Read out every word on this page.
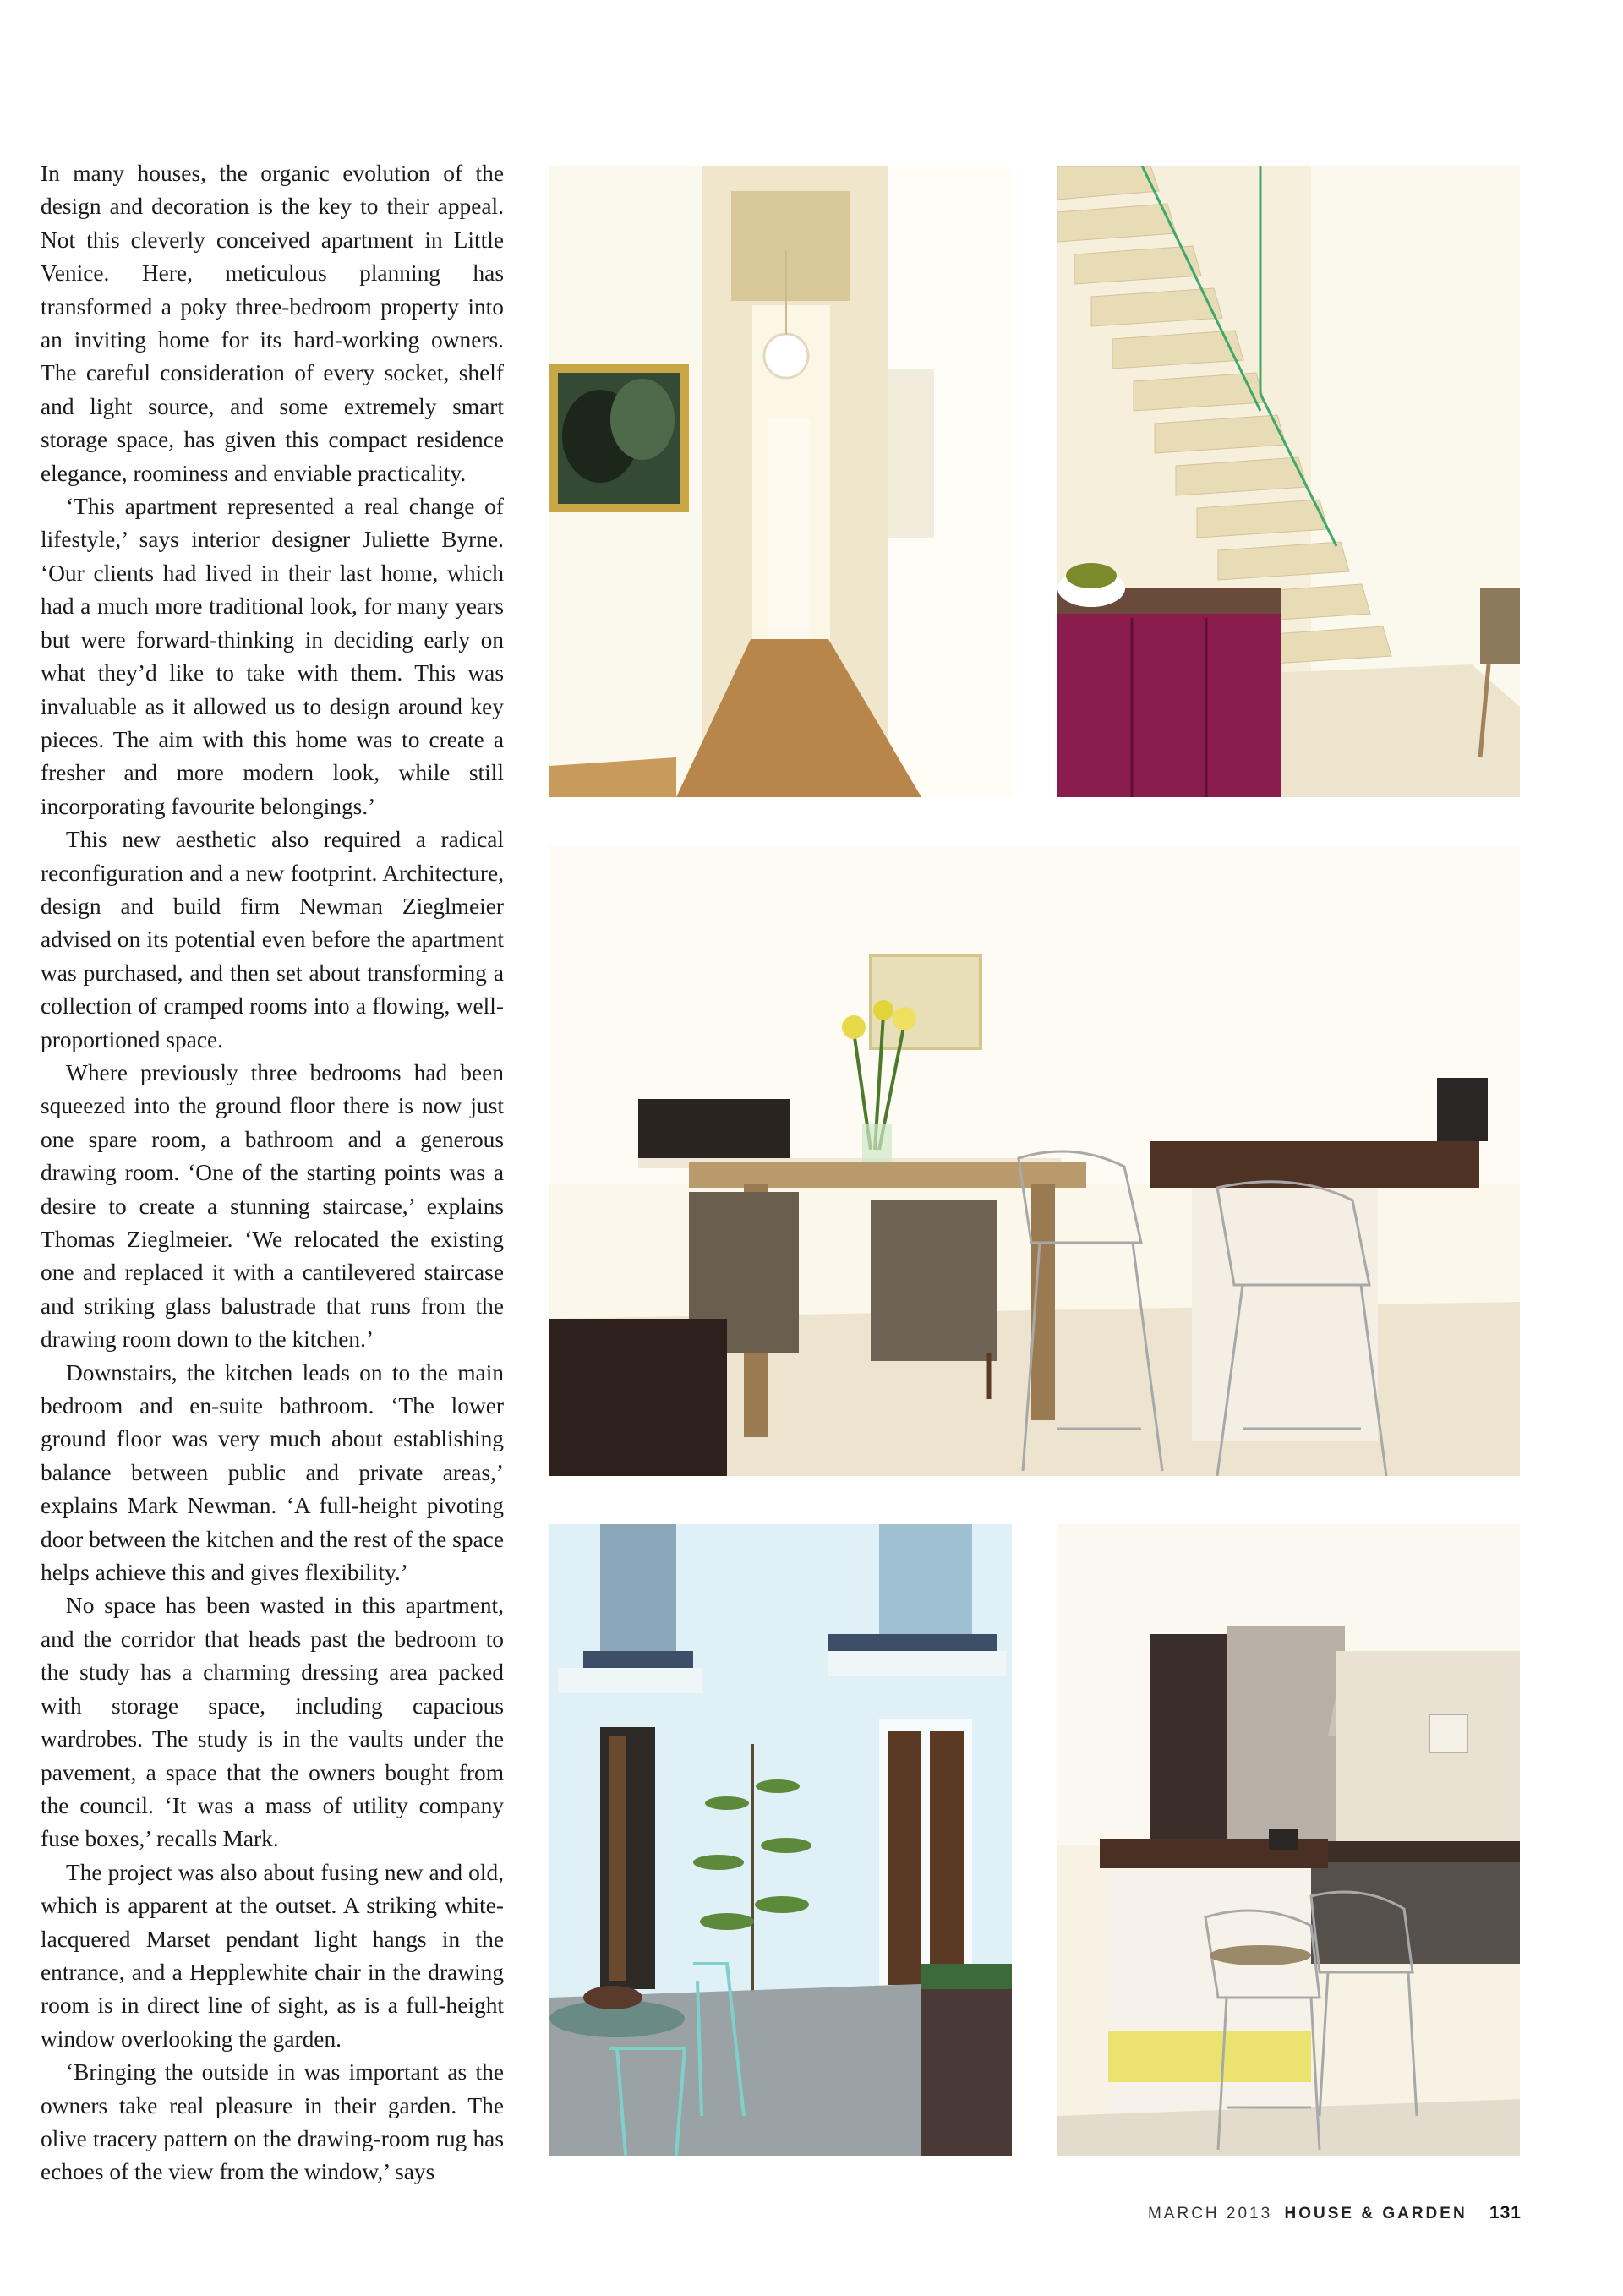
In many houses, the organic evolution of the design and decoration is the key to their appeal. Not this cleverly conceived apartment in Little Venice. Here, meticulous planning has transformed a poky three-bedroom property into an inviting home for its hard-working owners. The careful consideration of every socket, shelf and light source, and some extremely smart storage space, has given this compact residence elegance, roominess and enviable practicality.

‘This apartment represented a real change of lifestyle,’ says interior designer Juliette Byrne. ‘Our clients had lived in their last home, which had a much more traditional look, for many years but were forward-thinking in deciding early on what they’d like to take with them. This was invaluable as it allowed us to design around key pieces. The aim with this home was to create a fresher and more modern look, while still incorporating favourite belongings.’

This new aesthetic also required a radical reconfiguration and a new footprint. Architecture, design and build firm Newman Zieglmeier advised on its potential even before the apartment was purchased, and then set about transforming a collection of cramped rooms into a flowing, well-proportioned space.

Where previously three bedrooms had been squeezed into the ground floor there is now just one spare room, a bathroom and a generous drawing room. ‘One of the starting points was a desire to create a stunning staircase,’ explains Thomas Zieglmeier. ‘We relocated the existing one and replaced it with a cantilevered staircase and striking glass balustrade that runs from the drawing room down to the kitchen.’

Downstairs, the kitchen leads on to the main bedroom and en-suite bathroom. ‘The lower ground floor was very much about establishing balance between public and private areas,’ explains Mark Newman. ‘A full-height pivoting door between the kitchen and the rest of the space helps achieve this and gives flexibility.’

No space has been wasted in this apartment, and the corridor that heads past the bedroom to the study has a charming dressing area packed with storage space, including capacious wardrobes. The study is in the vaults under the pavement, a space that the owners bought from the council. ‘It was a mass of utility company fuse boxes,’ recalls Mark.

The project was also about fusing new and old, which is apparent at the outset. A striking white-lacquered Marset pendant light hangs in the entrance, and a Hepplewhite chair in the drawing room is in direct line of sight, as is a full-height window overlooking the garden.

‘Bringing the outside in was important as the owners take real pleasure in their garden. The olive tracery pattern on the drawing-room rug has echoes of the view from the window,’ says

MARCH 2013 HOUSE & GARDEN 131
